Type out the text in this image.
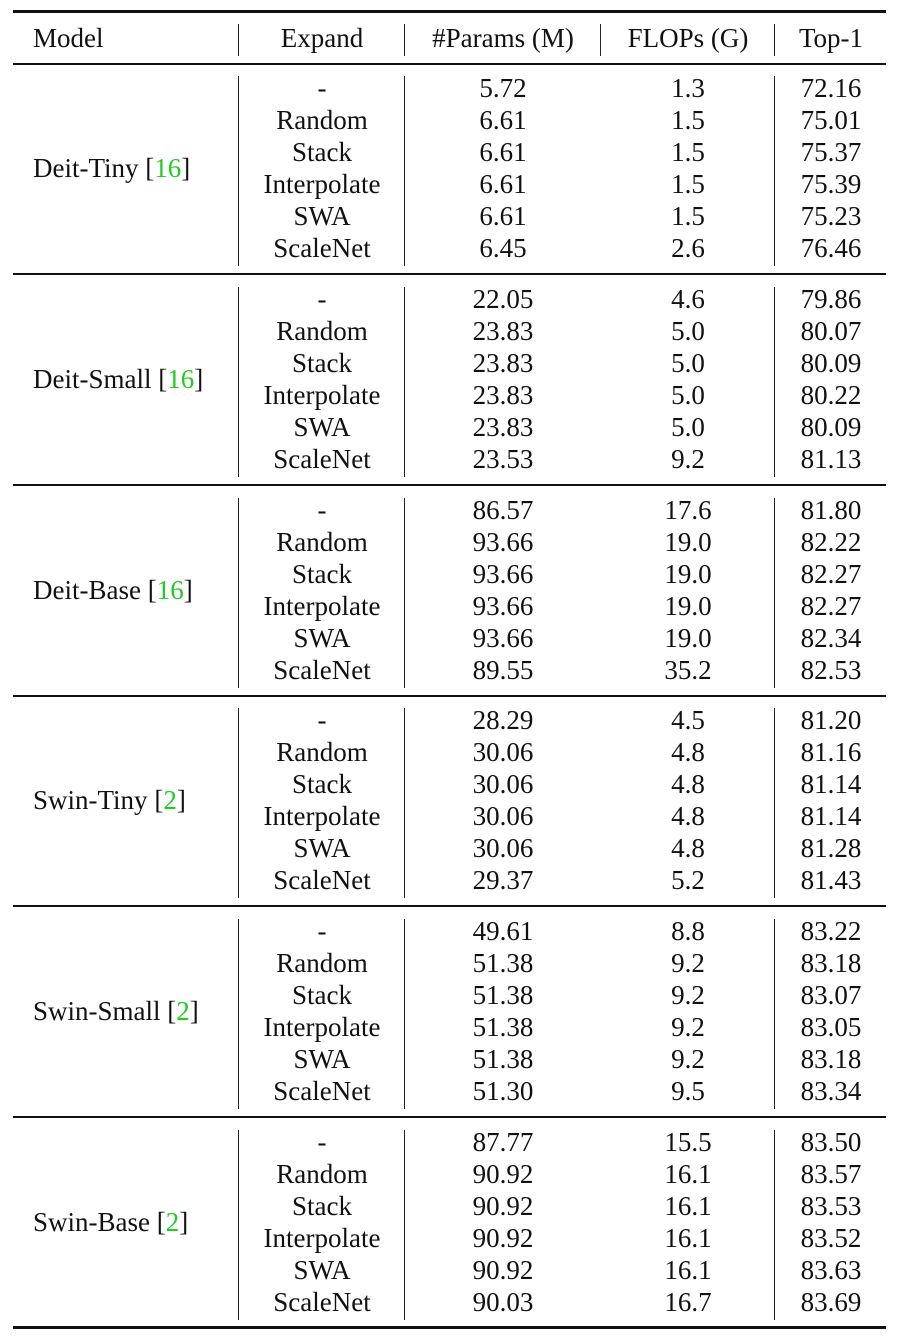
Model	Expand	#Params (M)	FLOPs (G)	Top-1
Deit-Tiny [16]
-	5.72	1.3	72.16
Random	6.61	1.5	75.01
Stack	6.61	1.5	75.37
Interpolate	6.61	1.5	75.39
SWA	6.61	1.5	75.23
ScaleNet	6.45	2.6	76.46
Deit-Small [16]
-	22.05	4.6	79.86
Random	23.83	5.0	80.07
Stack	23.83	5.0	80.09
Interpolate	23.83	5.0	80.22
SWA	23.83	5.0	80.09
ScaleNet	23.53	9.2	81.13
Deit-Base [16]
-	86.57	17.6	81.80
Random	93.66	19.0	82.22
Stack	93.66	19.0	82.27
Interpolate	93.66	19.0	82.27
SWA	93.66	19.0	82.34
ScaleNet	89.55	35.2	82.53
Swin-Tiny [2]
-	28.29	4.5	81.20
Random	30.06	4.8	81.16
Stack	30.06	4.8	81.14
Interpolate	30.06	4.8	81.14
SWA	30.06	4.8	81.28
ScaleNet	29.37	5.2	81.43
Swin-Small [2]
-	49.61	8.8	83.22
Random	51.38	9.2	83.18
Stack	51.38	9.2	83.07
Interpolate	51.38	9.2	83.05
SWA	51.38	9.2	83.18
ScaleNet	51.30	9.5	83.34
Swin-Base [2]
-	87.77	15.5	83.50
Random	90.92	16.1	83.57
Stack	90.92	16.1	83.53
Interpolate	90.92	16.1	83.52
SWA	90.92	16.1	83.63
ScaleNet	90.03	16.7	83.69
